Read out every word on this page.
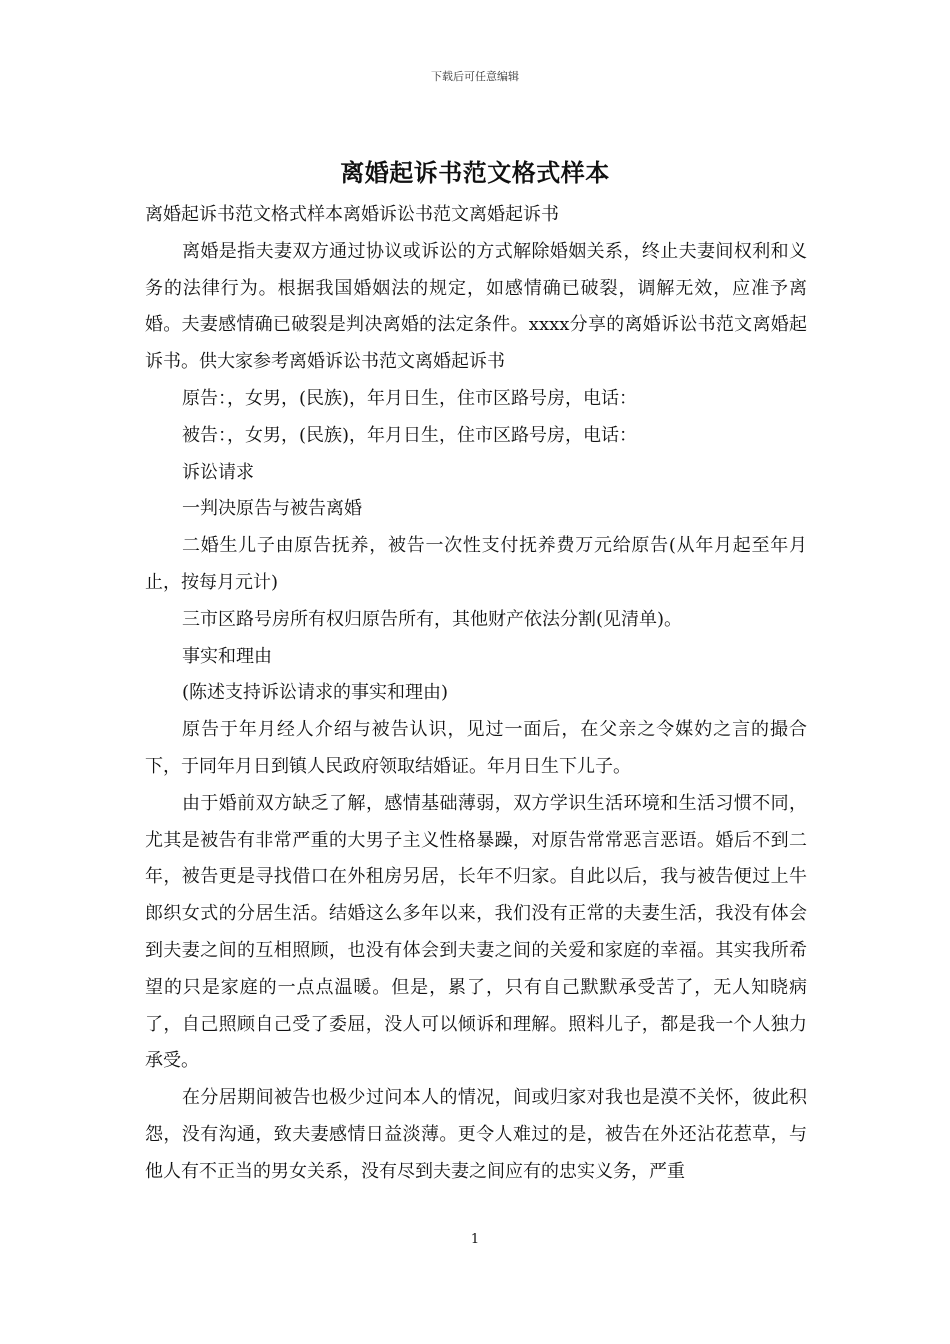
下载后可任意编辑
离婚起诉书范文格式样本

离婚起诉书范文格式样本离婚诉讼书范文离婚起诉书

离婚是指夫妻双方通过协议或诉讼的方式解除婚姻关系，终止夫妻间权利和义务的法律行为。根据我国婚姻法的规定，如感情确已破裂，调解无效，应准予离婚。夫妻感情确已破裂是判决离婚的法定条件。xxxx分享的离婚诉讼书范文离婚起诉书。供大家参考离婚诉讼书范文离婚起诉书

原告：，女男，(民族)，年月日生，住市区路号房，电话：

被告：，女男，(民族)，年月日生，住市区路号房，电话：

诉讼请求

一判决原告与被告离婚

二婚生儿子由原告抚养，被告一次性支付抚养费万元给原告(从年月起至年月止，按每月元计)

三市区路号房所有权归原告所有，其他财产依法分割(见清单)。

事实和理由

(陈述支持诉讼请求的事实和理由)

原告于年月经人介绍与被告认识，见过一面后，在父亲之令媒妁之言的撮合下，于同年月日到镇人民政府领取结婚证。年月日生下儿子。

由于婚前双方缺乏了解，感情基础薄弱，双方学识生活环境和生活习惯不同，尤其是被告有非常严重的大男子主义性格暴躁，对原告常常恶言恶语。婚后不到二年，被告更是寻找借口在外租房另居，长年不归家。自此以后，我与被告便过上牛郎织女式的分居生活。结婚这么多年以来，我们没有正常的夫妻生活，我没有体会到夫妻之间的互相照顾，也没有体会到夫妻之间的关爱和家庭的幸福。其实我所希望的只是家庭的一点点温暖。但是，累了，只有自己默默承受苦了，无人知晓病了，自己照顾自己受了委屈，没人可以倾诉和理解。照料儿子，都是我一个人独力承受。

在分居期间被告也极少过问本人的情况，间或归家对我也是漠不关怀，彼此积怨，没有沟通，致夫妻感情日益淡薄。更令人难过的是，被告在外还沾花惹草，与他人有不正当的男女关系，没有尽到夫妻之间应有的忠实义务，严重

1
